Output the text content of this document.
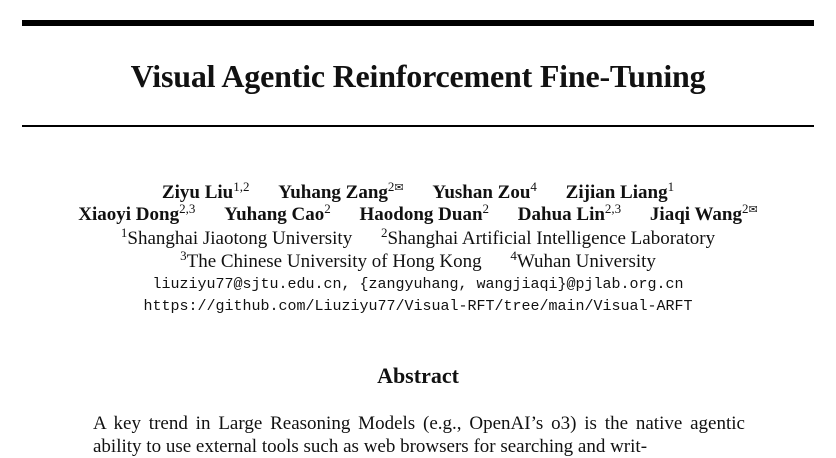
Visual Agentic Reinforcement Fine-Tuning
Ziyu Liu$^{1,2}$ Yuhang Zang$^{2✉}$ Yushan Zou$^4$ Zijian Liang$^1$
Xiaoyi Dong$^{2,3}$ Yuhang Cao$^2$ Haodong Duan$^2$ Dahua Lin$^{2,3}$ Jiaqi Wang$^{2✉}$
$^1$Shanghai Jiaotong University $^2$Shanghai Artificial Intelligence Laboratory
$^3$The Chinese University of Hong Kong $^4$Wuhan University
liuziyu77@sjtu.edu.cn, {zangyuhang, wangjiaqi}@pjlab.org.cn
https://github.com/Liuziyu77/Visual-RFT/tree/main/Visual-ARFT
Abstract
A key trend in Large Reasoning Models (e.g., OpenAI’s o3) is the native agentic ability to use external tools such as web browsers for searching and writ-
